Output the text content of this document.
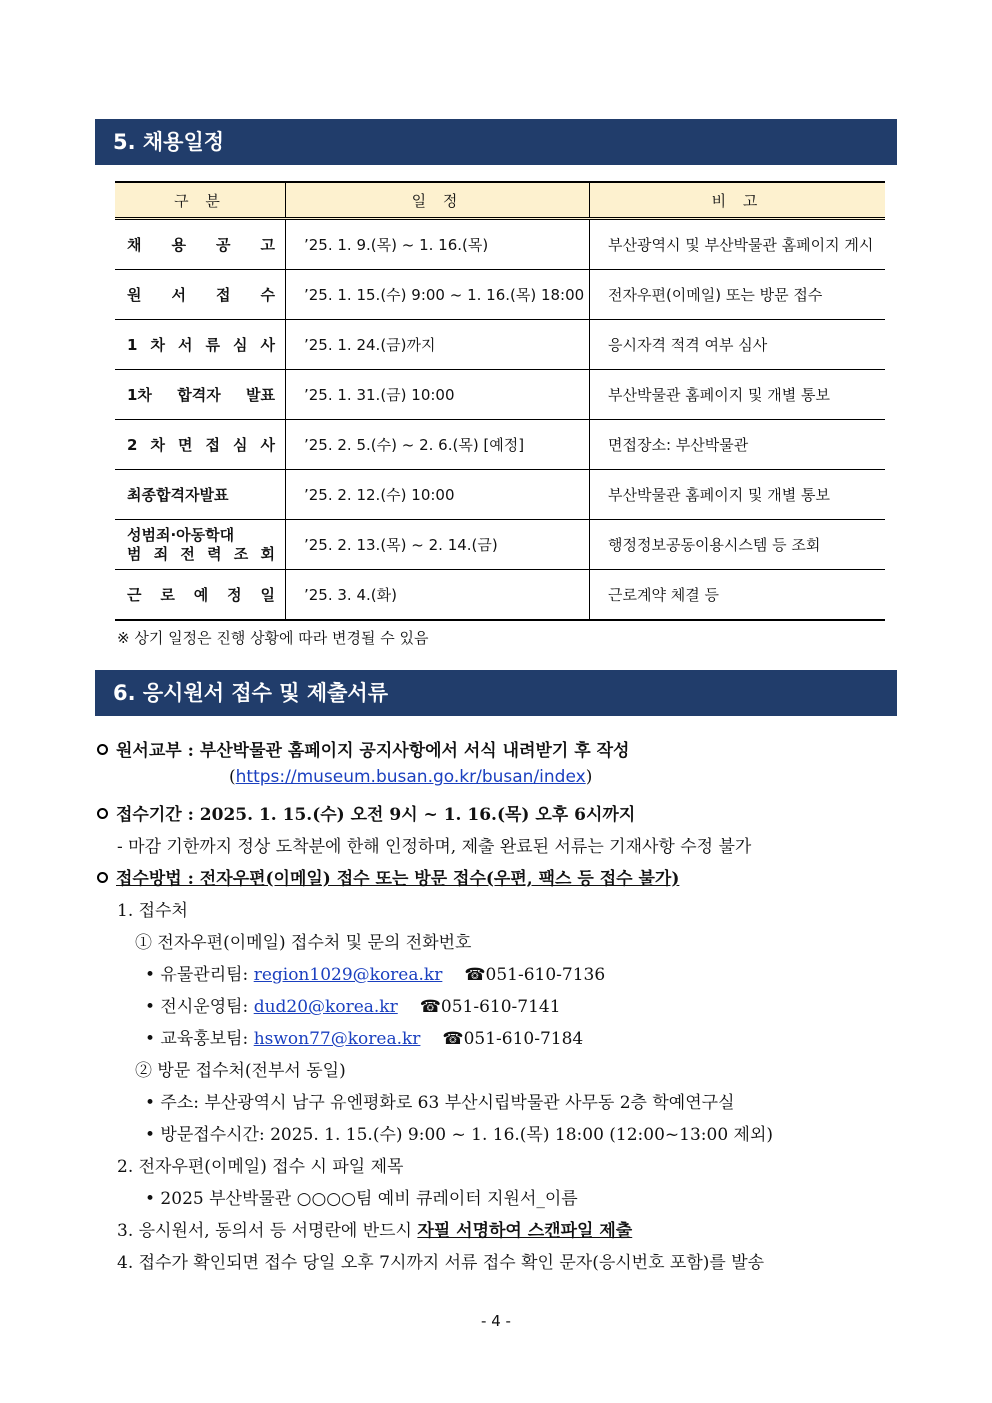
5. 채용일정
구 분	일 정	비 고
채 용 공 고	’25. 1. 9.(목) ~ 1. 16.(목)	부산광역시 및 부산박물관 홈페이지 게시
원 서 접 수	’25. 1. 15.(수) 9:00 ~ 1. 16.(목) 18:00	전자우편(이메일) 또는 방문 접수
1 차 서 류 심 사	’25. 1. 24.(금)까지	응시자격 적격 여부 심사
1차 합격자 발표	’25. 1. 31.(금) 10:00	부산박물관 홈페이지 및 개별 통보
2 차 면 접 심 사	’25. 2. 5.(수) ~ 2. 6.(목) [예정]	면접장소: 부산박물관
최종합격자발표	’25. 2. 12.(수) 10:00	부산박물관 홈페이지 및 개별 통보

성범죄·아동학대
범 죄 전 력 조 회	’25. 2. 13.(목) ~ 2. 14.(금)	행정정보공동이용시스템 등 조회
근 로 예 정 일	’25. 3. 4.(화)	근로계약 체결 등
※ 상기 일정은 진행 상황에 따라 변경될 수 있음
6. 응시원서 접수 및 제출서류
원서교부 : 부산박물관 홈페이지 공지사항에서 서식 내려받기 후 작성
(https://museum.busan.go.kr/busan/index)
접수기간 : 2025. 1. 15.(수) 오전 9시 ~ 1. 16.(목) 오후 6시까지
- 마감 기한까지 정상 도착분에 한해 인정하며, 제출 완료된 서류는 기재사항 수정 불가
접수방법 : 전자우편(이메일) 접수 또는 방문 접수(우편, 팩스 등 접수 불가)
1. 접수처
① 전자우편(이메일) 접수처 및 문의 전화번호
• 유물관리팀: region1029@korea.kr ☎051-610-7136
• 전시운영팀: dud20@korea.kr ☎051-610-7141
• 교육홍보팀: hswon77@korea.kr ☎051-610-7184
② 방문 접수처(전부서 동일)
• 주소: 부산광역시 남구 유엔평화로 63 부산시립박물관 사무동 2층 학예연구실
• 방문접수시간: 2025. 1. 15.(수) 9:00 ~ 1. 16.(목) 18:00 (12:00~13:00 제외)
2. 전자우편(이메일) 접수 시 파일 제목
• 2025 부산박물관 ○○○○팀 예비 큐레이터 지원서_이름
3. 응시원서, 동의서 등 서명란에 반드시 자필 서명하여 스캔파일 제출
4. 접수가 확인되면 접수 당일 오후 7시까지 서류 접수 확인 문자(응시번호 포함)를 발송
- 4 -
